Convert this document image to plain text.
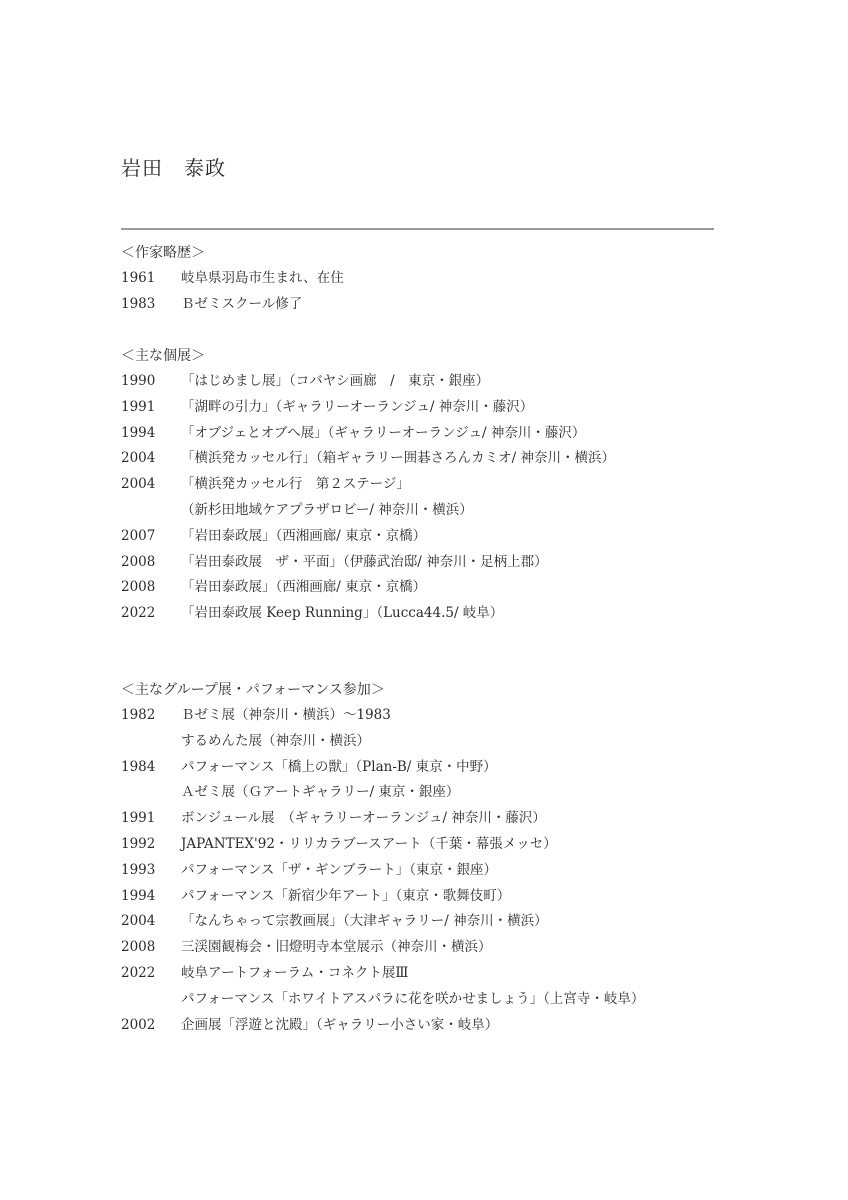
岩田　泰政
＜作家略歴＞
1961	岐阜県羽島市生まれ、在住
1983	Ｂゼミスクール修了
＜主な個展＞
1990	「はじめまし展」（コバヤシ画廊　/　東京・銀座）
1991	「湖畔の引力」（ギャラリーオーランジュ/ 神奈川・藤沢）
1994	「オブジェとオブへ展」（ギャラリーオーランジュ/ 神奈川・藤沢）
2004	「横浜発カッセル行」（箱ギャラリー囲碁さろんカミオ/ 神奈川・横浜）
2004	「横浜発カッセル行　第２ステージ」
（新杉田地域ケアプラザロビー/ 神奈川・横浜）
2007	「岩田泰政展」（西湘画廊/ 東京・京橋）
2008	「岩田泰政展　ザ・平面」（伊藤武治邸/ 神奈川・足柄上郡）
2008	「岩田泰政展」（西湘画廊/ 東京・京橋）
2022	「岩田泰政展 Keep Running」（Lucca44.5/ 岐阜）
＜主なグループ展・パフォーマンス参加＞
1982	Ｂゼミ展（神奈川・横浜）～1983
するめんた展（神奈川・横浜）
1984	パフォーマンス「橋上の獣」（Plan-B/ 東京・中野）
Ａゼミ展（Ｇアートギャラリー/ 東京・銀座）
1991	ボンジュール展　（ギャラリーオーランジュ/ 神奈川・藤沢）
1992	JAPANTEX'92・リリカラブースアート（千葉・幕張メッセ）
1993	パフォーマンス「ザ・ギンブラート」（東京・銀座）
1994	パフォーマンス「新宿少年アート」（東京・歌舞伎町）
2004	「なんちゃって宗教画展」（大津ギャラリー/ 神奈川・横浜）
2008	三渓園観梅会・旧燈明寺本堂展示（神奈川・横浜）
2022	岐阜アートフォーラム・コネクト展Ⅲ
パフォーマンス「ホワイトアスパラに花を咲かせましょう」（上宮寺・岐阜）
2002	企画展「浮遊と沈殿」（ギャラリー小さい家・岐阜）
